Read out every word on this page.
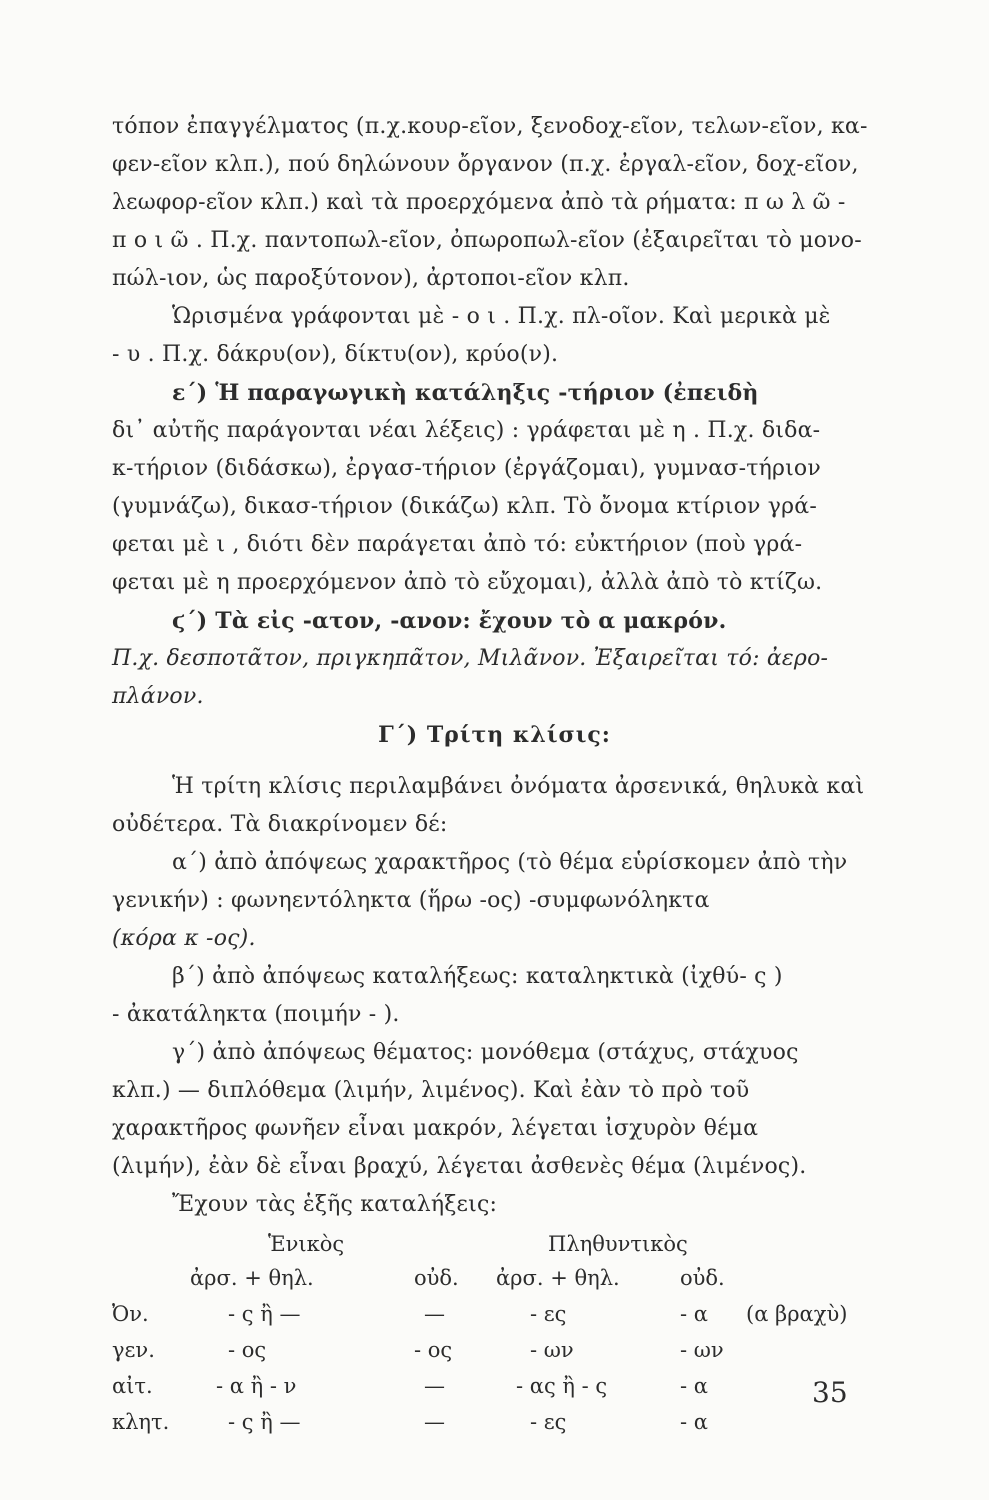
τόπον ἐπαγγέλματος (π.χ.κουρ-εῖον, ξενοδοχ-εῖον, τελων-εῖον, κα-
φεν-εῖον κλπ.), πού δηλώνουν ὄργανον (π.χ. ἐργαλ-εῖον, δοχ-εῖον,
λεωφορ-εῖον κλπ.) καὶ τὰ προερχόμενα ἀπὸ τὰ ρήματα: π ω λ ῶ -
π ο ι ῶ . Π.χ. παντοπωλ-εῖον, ὀπωροπωλ-εῖον (ἐξαιρεῖται τὸ μονο-
πώλ-ιον, ὡς παροξύτονον), ἀρτοποι-εῖον κλπ.
Ὡρισμένα γράφονται μὲ - ο ι . Π.χ. πλ-οῖον. Καὶ μερικὰ μὲ
- υ . Π.χ. δάκρυ(ον), δίκτυ(ον), κρύο(ν).
ε΄) Ἡ παραγωγικὴ κατάληξις -τήριον (ἐπειδὴ
δι᾽ αὐτῆς παράγονται νέαι λέξεις) : γράφεται μὲ η . Π.χ. διδα-
κ-τήριον (διδάσκω), ἐργασ-τήριον (ἐργάζομαι), γυμνασ-τήριον
(γυμνάζω), δικασ-τήριον (δικάζω) κλπ. Τὸ ὄνομα κτίριον γρά-
φεται μὲ ι , διότι δὲν παράγεται ἀπὸ τό: εὐκτήριον (ποὺ γρά-
φεται μὲ η προερχόμενον ἀπὸ τὸ εὔχομαι), ἀλλὰ ἀπὸ τὸ κτίζω.
ϛ΄) Τὰ εἰς -ατον, -ανον: ἔχουν τὸ α μακρόν.
Π.χ. δεσποτᾶτον, πριγκηπᾶτον, Μιλᾶνον. Ἐξαιρεῖται τό: ἀερο-
πλάνον.
Γ΄) Τρίτη κλίσις:
Ἡ τρίτη κλίσις περιλαμβάνει ὀνόματα ἀρσενικά, θηλυκὰ καὶ
οὐδέτερα. Τὰ διακρίνομεν δέ:
α΄) ἀπὸ ἀπόψεως χαρακτῆρος (τὸ θέμα εὑρίσκομεν ἀπὸ τὴν
γενικήν) : φωνηεντόληκτα (ἥρω -ος) -συμφωνόληκτα
(κόρα κ -ος).
β΄) ἀπὸ ἀπόψεως καταλήξεως: καταληκτικὰ (ἰχθύ- ς )
- ἀκατάληκτα (ποιμήν - ).
γ΄) ἀπὸ ἀπόψεως θέματος: μονόθεμα (στάχυς, στάχυος
κλπ.) — διπλόθεμα (λιμήν, λιμένος). Καὶ ἐὰν τὸ πρὸ τοῦ
χαρακτῆρος φωνῆεν εἶναι μακρόν, λέγεται ἰσχυρὸν θέμα
(λιμήν), ἐὰν δὲ εἶναι βραχύ, λέγεται ἀσθενὲς θέμα (λιμένος).
Ἔχουν τὰς ἑξῆς καταλήξεις:
Ἑνικὸς	Πληθυντικὸς
ἀρσ. + θηλ.	οὐδ. ἀρσ. + θηλ.	οὐδ.
Ὀν.	- ς ἢ —	—	- ες	- α (α βραχὺ)
γεν.	- ος	- ος	- ων	- ων
αἰτ.	- α ἢ - ν	—	- ας ἢ - ς	- α
κλητ.	- ς ἢ —	—	- ες	- α
35
